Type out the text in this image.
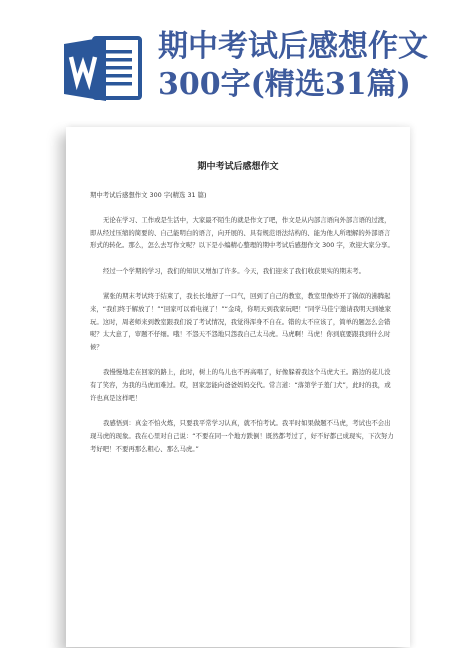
期中考试后感想作文300字(精选31篇)
期中考试后感想作文

期中考试后感想作文 300 字(精选 31 篇)

无论在学习、工作或是生活中，大家最不陌生的就是作文了吧，作文是从内部言语向外部言语的过渡，即从经过压缩的简要的、自己能明白的语言，向开展的、具有规范语法结构的、能为他人所理解的外部语言形式的转化。那么，怎么去写作文呢？以下是小编精心整理的期中考试后感想作文 300 字，欢迎大家分享。

经过一个学期的学习，我们的知识又增加了许多。今天，我们迎来了我们收获果实的期末考。

紧张的期末考试终于结束了，我长长地舒了一口气，回到了自己的教室，教室里像炸开了锅似的沸腾起来，“我们终于解放了！”“回家可以看电视了！”“金琦，你明天到我家玩吧！”同学马佳宁邀请我明天到她家玩。这时，周老师来到教室跟我们说了考试情况，我觉得浑身不自在。错的太不应该了，简单的题怎么会错呢？太大意了，审题不仔细。哦！不怨天不怨地只怨我自己太马虎。马虎啊！马虎！你到底要跟我到什么时候？

我慢慢地走在回家的路上，此时，树上的鸟儿也不再高唱了，好像躲着我这个马虎大王。路边的花儿没有了笑容，为我的马虎而难过。哎，回家怎能向爸爸妈妈交代。常言道：“落第学子羞门犬”，此时的我，或许也真是这样吧！

我感悟到：真金不怕火炼，只要我平常学习认真，就不怕考试。我平时如果做题不马虎，考试也不会出现马虎的现象。我在心里对自己说：“不要在同一个地方跌倒！既然都考过了，好不好都已成现实，下次努力考好吧！不要再那么粗心、那么马虎。”
